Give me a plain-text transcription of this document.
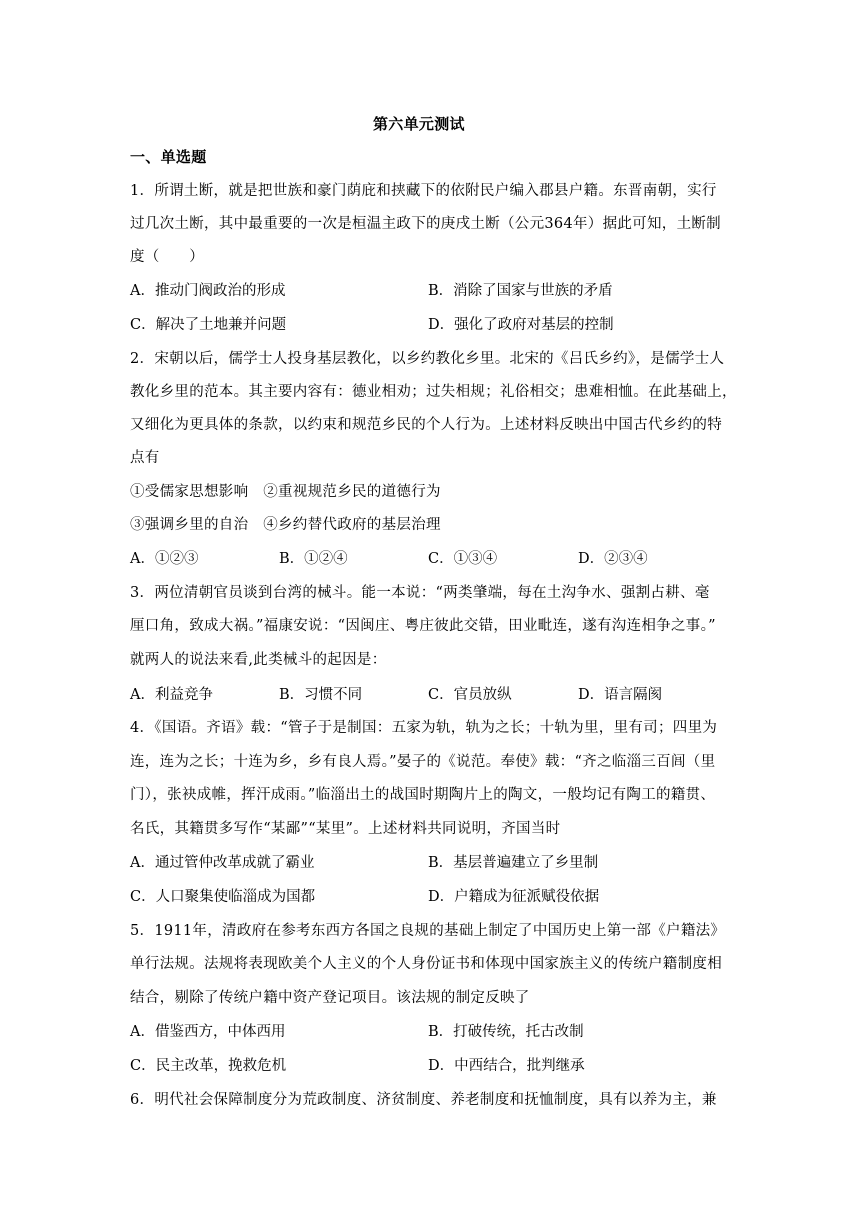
第六单元测试
一、单选题
1．所谓土断，就是把世族和豪门荫庇和挟藏下的依附民户编入郡县户籍。东晋南朝，实行
过几次土断，其中最重要的一次是桓温主政下的庚戌土断（公元364年）据此可知，土断制
度（　　）
A．推动门阀政治的形成	B．消除了国家与世族的矛盾
C．解决了土地兼并问题	D．强化了政府对基层的控制
2．宋朝以后，儒学士人投身基层教化，以乡约教化乡里。北宋的《吕氏乡约》，是儒学士人
教化乡里的范本。其主要内容有：德业相劝；过失相规；礼俗相交；患难相恤。在此基础上，
又细化为更具体的条款，以约束和规范乡民的个人行为。上述材料反映出中国古代乡约的特
点有
①受儒家思想影响　②重视规范乡民的道德行为
③强调乡里的自治　④乡约替代政府的基层治理
A．①②③	B．①②④	C．①③④	D．②③④
3．两位清朝官员谈到台湾的械斗。能一本说：“两类肇端，每在土沟争水、强割占耕、毫
厘口角，致成大祸。”福康安说：“因闽庄、粤庄彼此交错，田业毗连，遂有沟连相争之事。”
就两人的说法来看,此类械斗的起因是：
A．利益竞争	B．习惯不同	C．官员放纵	D．语言隔阂
4．《国语。齐语》载：“管子于是制国：五家为轨，轨为之长；十轨为里，里有司；四里为
连，连为之长；十连为乡，乡有良人焉。”晏子的《说范。奉使》载：“齐之临淄三百闾（里
门），张袂成帷，挥汗成雨。”临淄出土的战国时期陶片上的陶文，一般均记有陶工的籍贯、
名氏，其籍贯多写作“某鄙”“某里”。上述材料共同说明，齐国当时
A．通过管仲改革成就了霸业	B．基层普遍建立了乡里制
C．人口聚集使临淄成为国都	D．户籍成为征派赋役依据
5．1911年，清政府在参考东西方各国之良规的基础上制定了中国历史上第一部《户籍法》
单行法规。法规将表现欧美个人主义的个人身份证书和体现中国家族主义的传统户籍制度相
结合，剔除了传统户籍中资产登记项目。该法规的制定反映了
A．借鉴西方，中体西用	B．打破传统，托古改制
C．民主改革，挽救危机	D．中西结合，批判继承
6．明代社会保障制度分为荒政制度、济贫制度、养老制度和抚恤制度，具有以养为主，兼
